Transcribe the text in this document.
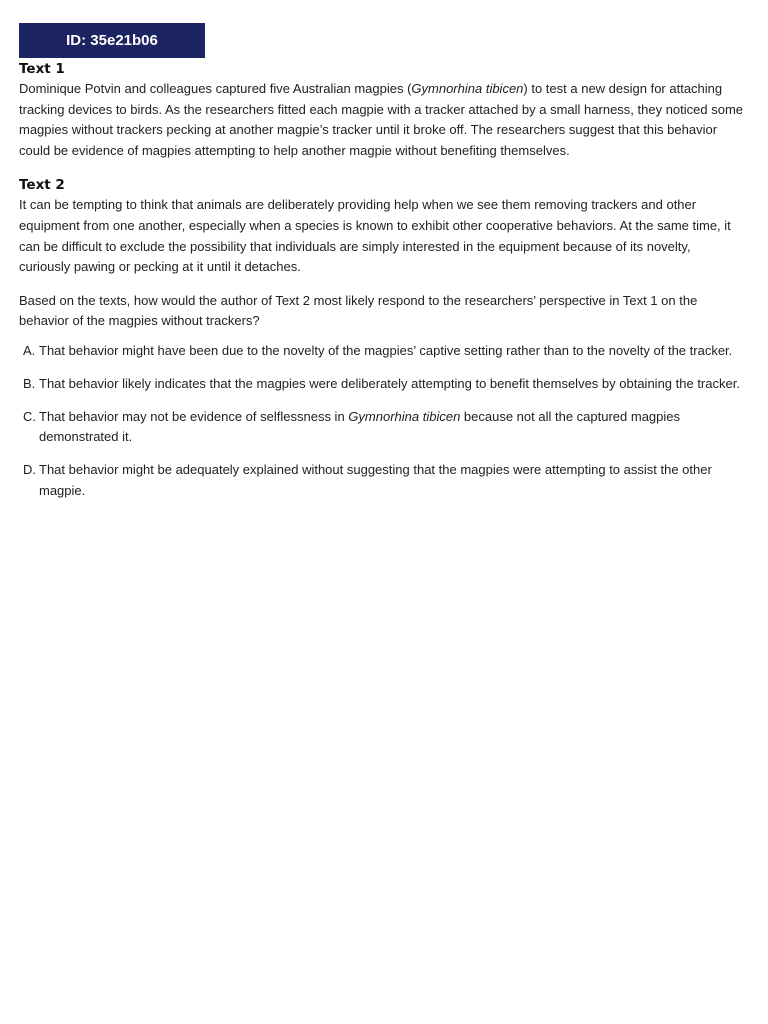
ID: 35e21b06
Text 1

Dominique Potvin and colleagues captured five Australian magpies (Gymnorhina tibicen) to test a new design for attaching tracking devices to birds. As the researchers fitted each magpie with a tracker attached by a small harness, they noticed some magpies without trackers pecking at another magpie’s tracker until it broke off. The researchers suggest that this behavior could be evidence of magpies attempting to help another magpie without benefiting themselves.

Text 2

It can be tempting to think that animals are deliberately providing help when we see them removing trackers and other equipment from one another, especially when a species is known to exhibit other cooperative behaviors. At the same time, it can be difficult to exclude the possibility that individuals are simply interested in the equipment because of its novelty, curiously pawing or pecking at it until it detaches.

Based on the texts, how would the author of Text 2 most likely respond to the researchers’ perspective in Text 1 on the behavior of the magpies without trackers?

A. That behavior might have been due to the novelty of the magpies’ captive setting rather than to the novelty of the tracker.
B. That behavior likely indicates that the magpies were deliberately attempting to benefit themselves by obtaining the tracker.
C. That behavior may not be evidence of selflessness in Gymnorhina tibicen because not all the captured magpies demonstrated it.
D. That behavior might be adequately explained without suggesting that the magpies were attempting to assist the other magpie.
